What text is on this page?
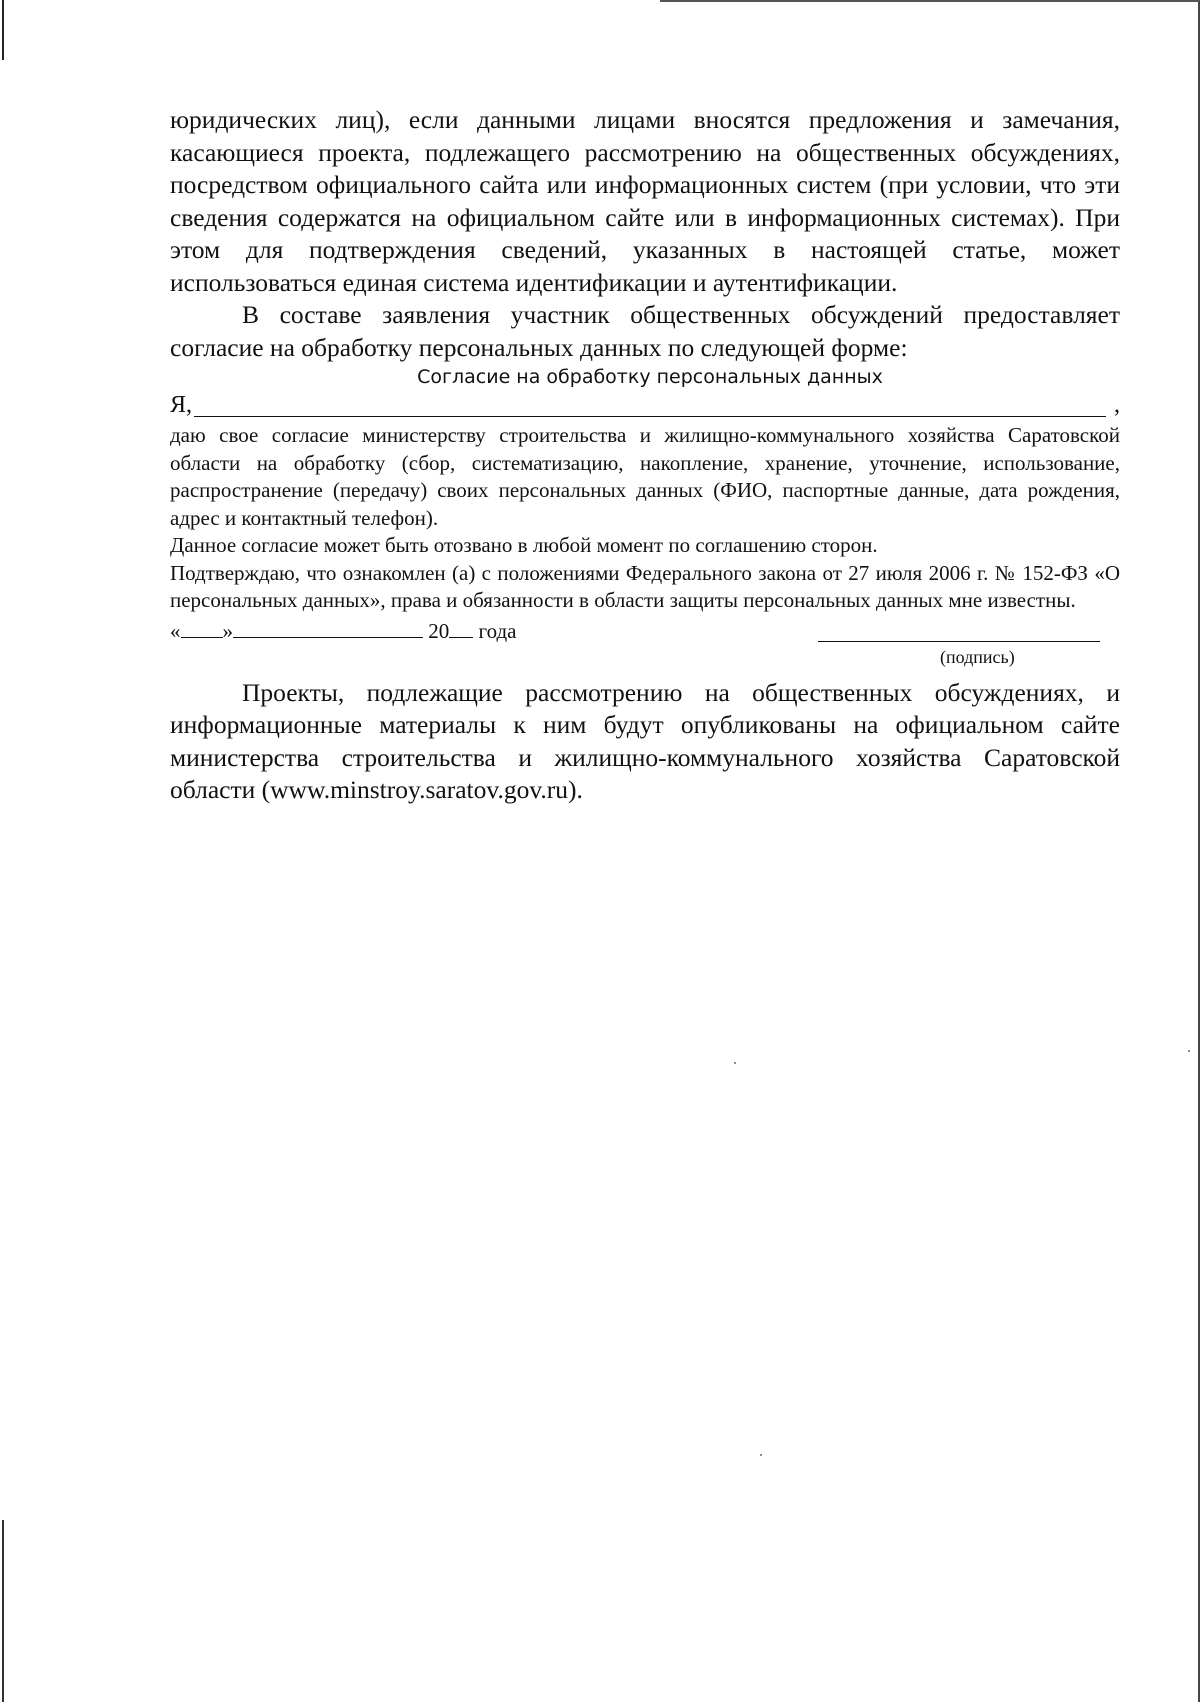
юридических лиц), если данными лицами вносятся предложения и замечания, касающиеся проекта, подлежащего рассмотрению на общественных обсуждениях, посредством официального сайта или информационных систем (при условии, что эти сведения содержатся на официальном сайте или в информационных системах). При этом для подтверждения сведений, указанных в настоящей статье, может использоваться единая система идентификации и аутентификации.

В составе заявления участник общественных обсуждений предоставляет согласие на обработку персональных данных по следующей форме:

Согласие на обработку персональных данных

Я,	,

даю свое согласие министерству строительства и жилищно-коммунального хозяйства Саратовской области на обработку (сбор, систематизацию, накопление, хранение, уточнение, использование, распространение (передачу) своих персональных данных (ФИО, паспортные данные, дата рождения, адрес и контактный телефон).

Данное согласие может быть отозвано в любой момент по соглашению сторон.

Подтверждаю, что ознакомлен (а) с положениями Федерального закона от 27 июля 2006 г. № 152-ФЗ «О персональных данных», права и обязанности в области защиты персональных данных мне известны.

« »	20 года
(подпись)

Проекты, подлежащие рассмотрению на общественных обсуждениях, и информационные материалы к ним будут опубликованы на официальном сайте министерства строительства и жилищно-коммунального хозяйства Саратовской области (www.minstroy.saratov.gov.ru).
